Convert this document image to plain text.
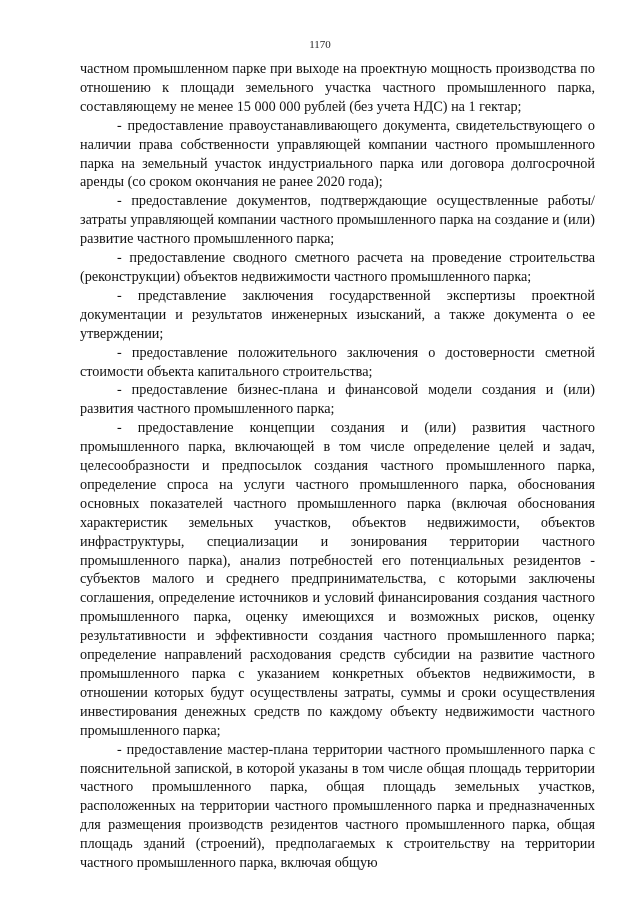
1170

частном промышленном парке при выходе на проектную мощность производства по отношению к площади земельного участка частного промышленного парка, составляющему не менее 15 000 000 рублей (без учета НДС) на 1 гектар;

- предоставление правоустанавливающего документа, свидетельствующего о наличии права собственности управляющей компании частного промышленного парка на земельный участок индустриального парка или договора долгосрочной аренды (со сроком окончания не ранее 2020 года);

- предоставление документов, подтверждающие осуществленные работы/затраты управляющей компании частного промышленного парка на создание и (или) развитие частного промышленного парка;

- предоставление сводного сметного расчета на проведение строительства (реконструкции) объектов недвижимости частного промышленного парка;

- представление заключения государственной экспертизы проектной документации и результатов инженерных изысканий, а также документа о ее утверждении;

- предоставление положительного заключения о достоверности сметной стоимости объекта капитального строительства;

- предоставление бизнес-плана и финансовой модели создания и (или) развития частного промышленного парка;

- предоставление концепции создания и (или) развития частного промышленного парка, включающей в том числе определение целей и задач, целесообразности и предпосылок создания частного промышленного парка, определение спроса на услуги частного промышленного парка, обоснования основных показателей частного промышленного парка (включая обоснования характеристик земельных участков, объектов недвижимости, объектов инфраструктуры, специализации и зонирования территории частного промышленного парка), анализ потребностей его потенциальных резидентов - субъектов малого и среднего предпринимательства, с которыми заключены соглашения, определение источников и условий финансирования создания частного промышленного парка, оценку имеющихся и возможных рисков, оценку результативности и эффективности создания частного промышленного парка; определение направлений расходования средств субсидии на развитие частного промышленного парка с указанием конкретных объектов недвижимости, в отношении которых будут осуществлены затраты, суммы и сроки осуществления инвестирования денежных средств по каждому объекту недвижимости частного промышленного парка;

- предоставление мастер-плана территории частного промышленного парка с пояснительной запиской, в которой указаны в том числе общая площадь территории частного промышленного парка, общая площадь земельных участков, расположенных на территории частного промышленного парка и предназначенных для размещения производств резидентов частного промышленного парка, общая площадь зданий (строений), предполагаемых к строительству на территории частного промышленного парка, включая общую
